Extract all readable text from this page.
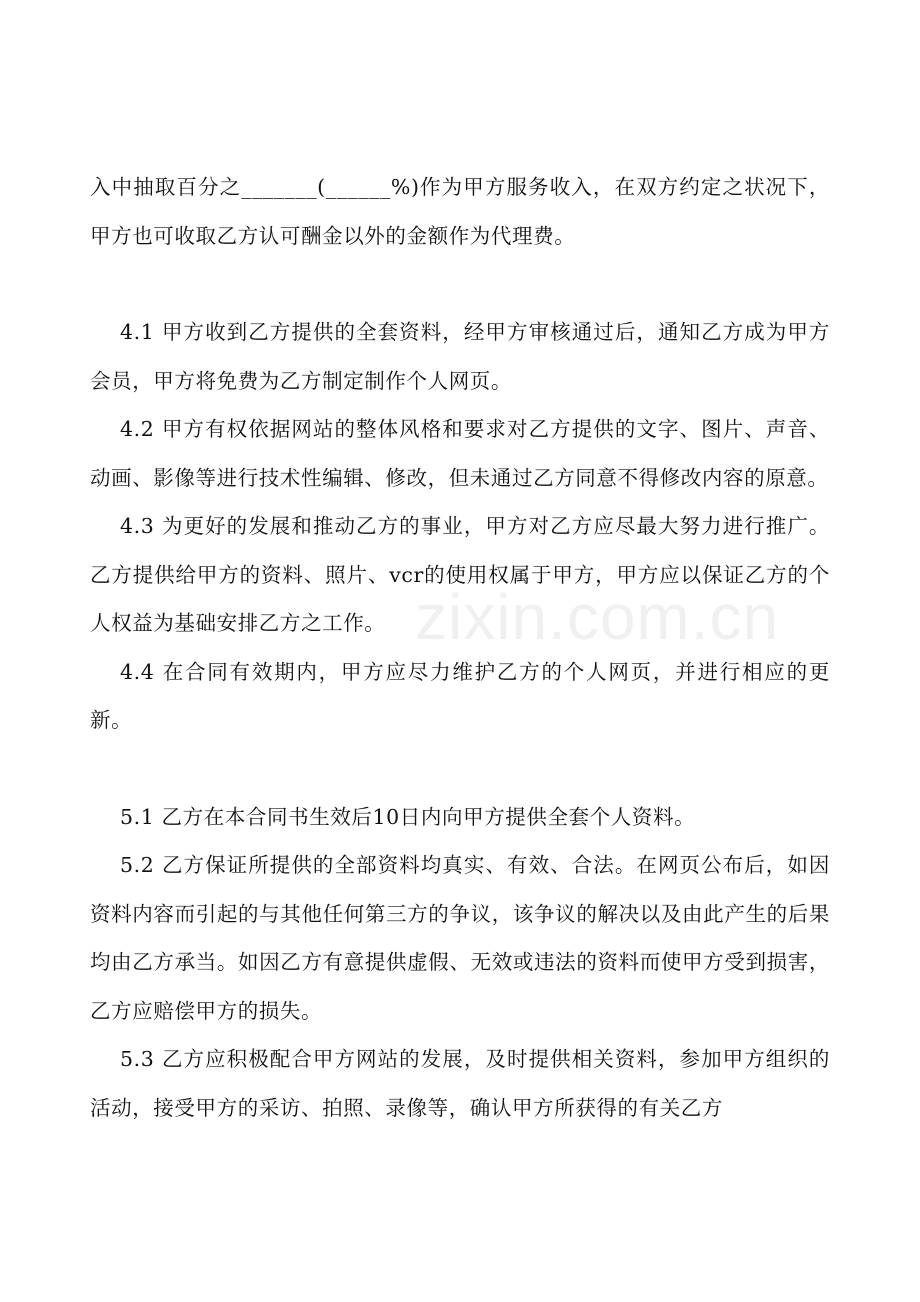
入中抽取百分之_______(______%)作为甲方服务收入，在双方约定之状况下，甲方也可收取乙方认可酬金以外的金额作为代理费。

4.1 甲方收到乙方提供的全套资料，经甲方审核通过后，通知乙方成为甲方会员，甲方将免费为乙方制定制作个人网页。

4.2 甲方有权依据网站的整体风格和要求对乙方提供的文字、图片、声音、动画、影像等进行技术性编辑、修改，但未通过乙方同意不得修改内容的原意。

4.3 为更好的发展和推动乙方的事业，甲方对乙方应尽最大努力进行推广。乙方提供给甲方的资料、照片、vcr的使用权属于甲方，甲方应以保证乙方的个人权益为基础安排乙方之工作。

4.4 在合同有效期内，甲方应尽力维护乙方的个人网页，并进行相应的更新。

5.1 乙方在本合同书生效后10日内向甲方提供全套个人资料。

5.2 乙方保证所提供的全部资料均真实、有效、合法。在网页公布后，如因资料内容而引起的与其他任何第三方的争议，该争议的解决以及由此产生的后果均由乙方承当。如因乙方有意提供虚假、无效或违法的资料而使甲方受到损害，乙方应赔偿甲方的损失。

5.3 乙方应积极配合甲方网站的发展，及时提供相关资料，参加甲方组织的活动，接受甲方的采访、拍照、录像等，确认甲方所获得的有关乙方

zixin.com.cn
